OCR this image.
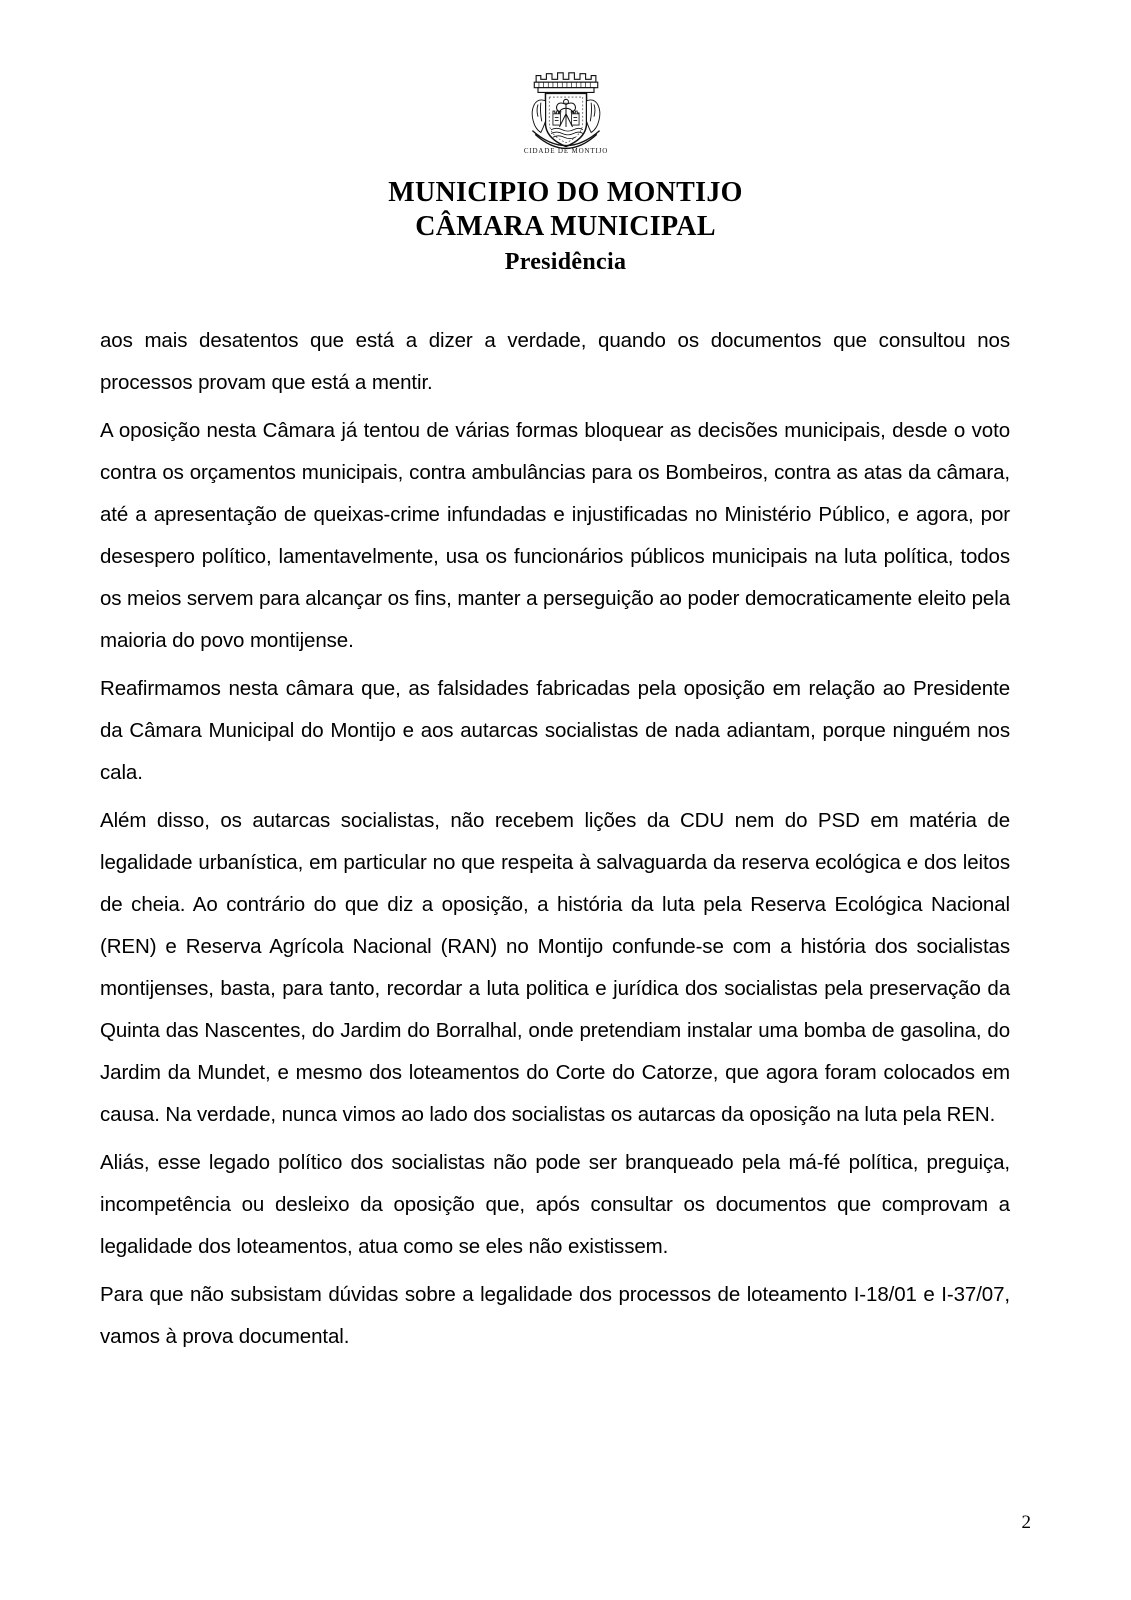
CIDADE DE MONTIJO
MUNICIPIO DO MONTIJO
CÂMARA MUNICIPAL
Presidência

aos mais desatentos que está a dizer a verdade, quando os documentos que consultou nos processos provam que está a mentir.

A oposição nesta Câmara já tentou de várias formas bloquear as decisões municipais, desde o voto contra os orçamentos municipais, contra ambulâncias para os Bombeiros, contra as atas da câmara, até a apresentação de queixas-crime infundadas e injustificadas no Ministério Público, e agora, por desespero político, lamentavelmente, usa os funcionários públicos municipais na luta política, todos os meios servem para alcançar os fins, manter a perseguição ao poder democraticamente eleito pela maioria do povo montijense.

Reafirmamos nesta câmara que, as falsidades fabricadas pela oposição em relação ao Presidente da Câmara Municipal do Montijo e aos autarcas socialistas de nada adiantam, porque ninguém nos cala.

Além disso, os autarcas socialistas, não recebem lições da CDU nem do PSD em matéria de legalidade urbanística, em particular no que respeita à salvaguarda da reserva ecológica e dos leitos de cheia. Ao contrário do que diz a oposição, a história da luta pela Reserva Ecológica Nacional (REN) e Reserva Agrícola Nacional (RAN) no Montijo confunde-se com a história dos socialistas montijenses, basta, para tanto, recordar a luta politica e jurídica dos socialistas pela preservação da Quinta das Nascentes, do Jardim do Borralhal, onde pretendiam instalar uma bomba de gasolina, do Jardim da Mundet, e mesmo dos loteamentos do Corte do Catorze, que agora foram colocados em causa. Na verdade, nunca vimos ao lado dos socialistas os autarcas da oposição na luta pela REN.

Aliás, esse legado político dos socialistas não pode ser branqueado pela má-fé política, preguiça, incompetência ou desleixo da oposição que, após consultar os documentos que comprovam a legalidade dos loteamentos, atua como se eles não existissem.

Para que não subsistam dúvidas sobre a legalidade dos processos de loteamento I-18/01 e I-37/07, vamos à prova documental.

2
